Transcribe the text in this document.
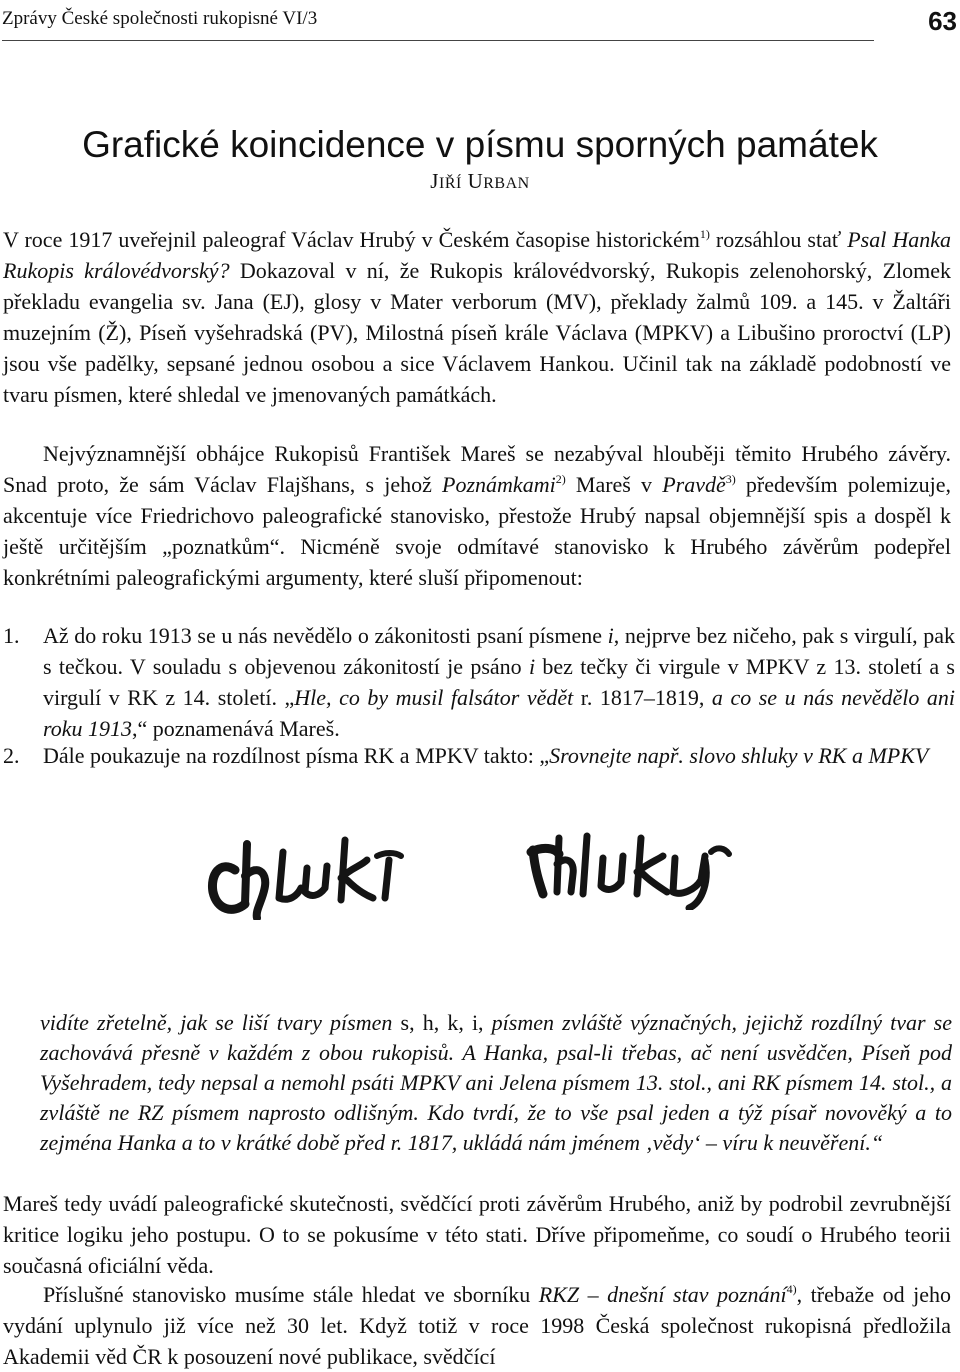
Zprávy České společnosti rukopisné VI/3	63
Grafické koincidence v písmu sporných památek
JIŘÍ URBAN

V roce 1917 uveřejnil paleograf Václav Hrubý v Českém časopise historickém$^{1)}$ rozsáhlou stať Psal Hanka Rukopis královédvorský? Dokazoval v ní, že Rukopis královédvorský, Rukopis zelenohorský, Zlomek překladu evangelia sv. Jana (EJ), glosy v Mater verborum (MV), překlady žalmů 109. a 145. v Žaltáři muzejním (Ž), Píseň vyšehradská (PV), Milostná píseň krále Václava (MPKV) a Libušino proroctví (LP) jsou vše padělky, sepsané jednou osobou a sice Václavem Hankou. Učinil tak na základě podobností ve tvaru písmen, které shledal ve jmenovaných památkách.

Nejvýznamnější obhájce Rukopisů František Mareš se nezabýval hlouběji těmito Hrubého závěry. Snad proto, že sám Václav Flajšhans, s jehož Poznámkami$^{2)}$ Mareš v Pravdě$^{3)}$ především polemizuje, akcentuje více Friedrichovo paleografické stanovisko, přestože Hrubý napsal objemnější spis a dospěl k ještě určitějším „poznatkům“. Nicméně svoje odmítavé stanovisko k Hrubého závěrům podepřel konkrétními paleografickými argumenty, které sluší připomenout:

1. Až do roku 1913 se u nás nevědělo o zákonitosti psaní písmene i, nejprve bez ničeho, pak s virgulí, pak s tečkou. V souladu s objevenou zákonitostí je psáno i bez tečky či virgule v MPKV z 13. století a s virgulí v RK z 14. století. „Hle, co by musil falsátor vědět r. 1817–1819, a co se u nás nevědělo ani roku 1913,“ poznamenává Mareš.
2. Dále poukazuje na rozdílnost písma RK a MPKV takto: „Srovnejte např. slovo shluky v RK a MPKV

vidíte zřetelně, jak se liší tvary písmen s, h, k, i, písmen zvláště význačných, jejichž rozdílný tvar se zachovává přesně v každém z obou rukopisů. A Hanka, psal-li třebas, ač není usvědčen, Píseň pod Vyšehradem, tedy nepsal a nemohl psáti MPKV ani Jelena písmem 13. stol., ani RK písmem 14. stol., a zvláště ne RZ písmem naprosto odlišným. Kdo tvrdí, že to vše psal jeden a týž písař novověký a to zejména Hanka a to v krátké době před r. 1817, ukládá nám jménem ‚vědy‘ – víru k neuvěření.“

Mareš tedy uvádí paleografické skutečnosti, svědčící proti závěrům Hrubého, aniž by podrobil zevrubnější kritice logiku jeho postupu. O to se pokusíme v této stati. Dříve připomeňme, co soudí o Hrubého teorii současná oficiální věda.

Příslušné stanovisko musíme stále hledat ve sborníku RKZ – dnešní stav poznání$^{4)}$, třebaže od jeho vydání uplynulo již více než 30 let. Když totiž v roce 1998 Česká společnost rukopisná předložila Akademii věd ČR k posouzení nové publikace, svědčící
